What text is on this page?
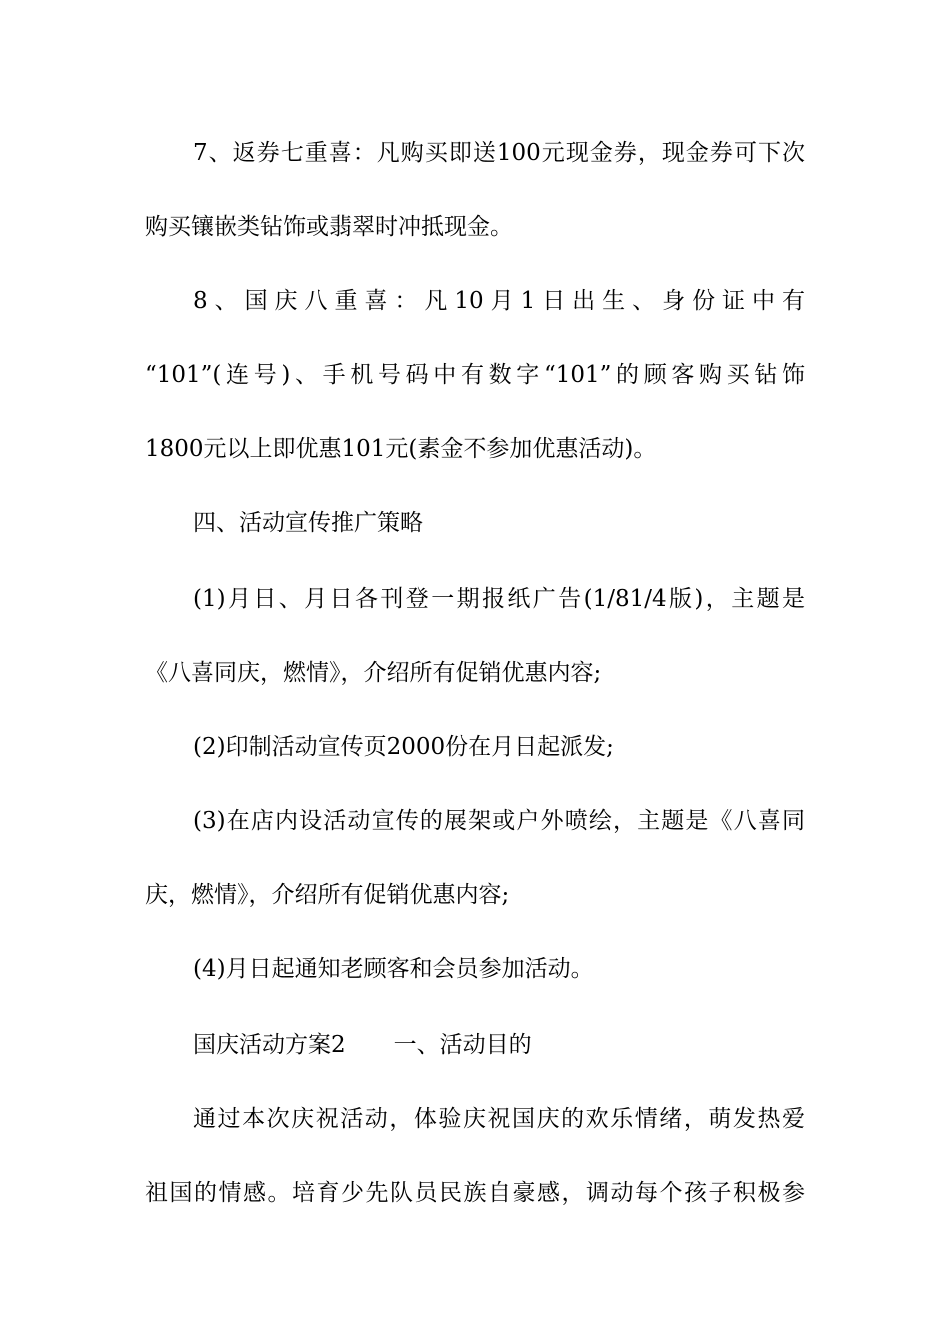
7、返券七重喜：凡购买即送100元现金券，现金券可下次
购买镶嵌类钻饰或翡翠时冲抵现金。
8、国庆八重喜：凡10月1日出生、身份证中有
“101”(连号)、手机号码中有数字“101”的顾客购买钻饰
1800元以上即优惠101元(素金不参加优惠活动)。
四、活动宣传推广策略
(1)月日、月日各刊登一期报纸广告(1/81/4版)，主题是
《八喜同庆，燃情》，介绍所有促销优惠内容;
(2)印制活动宣传页2000份在月日起派发;
(3)在店内设活动宣传的展架或户外喷绘，主题是《八喜同
庆，燃情》，介绍所有促销优惠内容;
(4)月日起通知老顾客和会员参加活动。
国庆活动方案2 一、活动目的
通过本次庆祝活动，体验庆祝国庆的欢乐情绪，萌发热爱
祖国的情感。培育少先队员民族自豪感，调动每个孩子积极参
